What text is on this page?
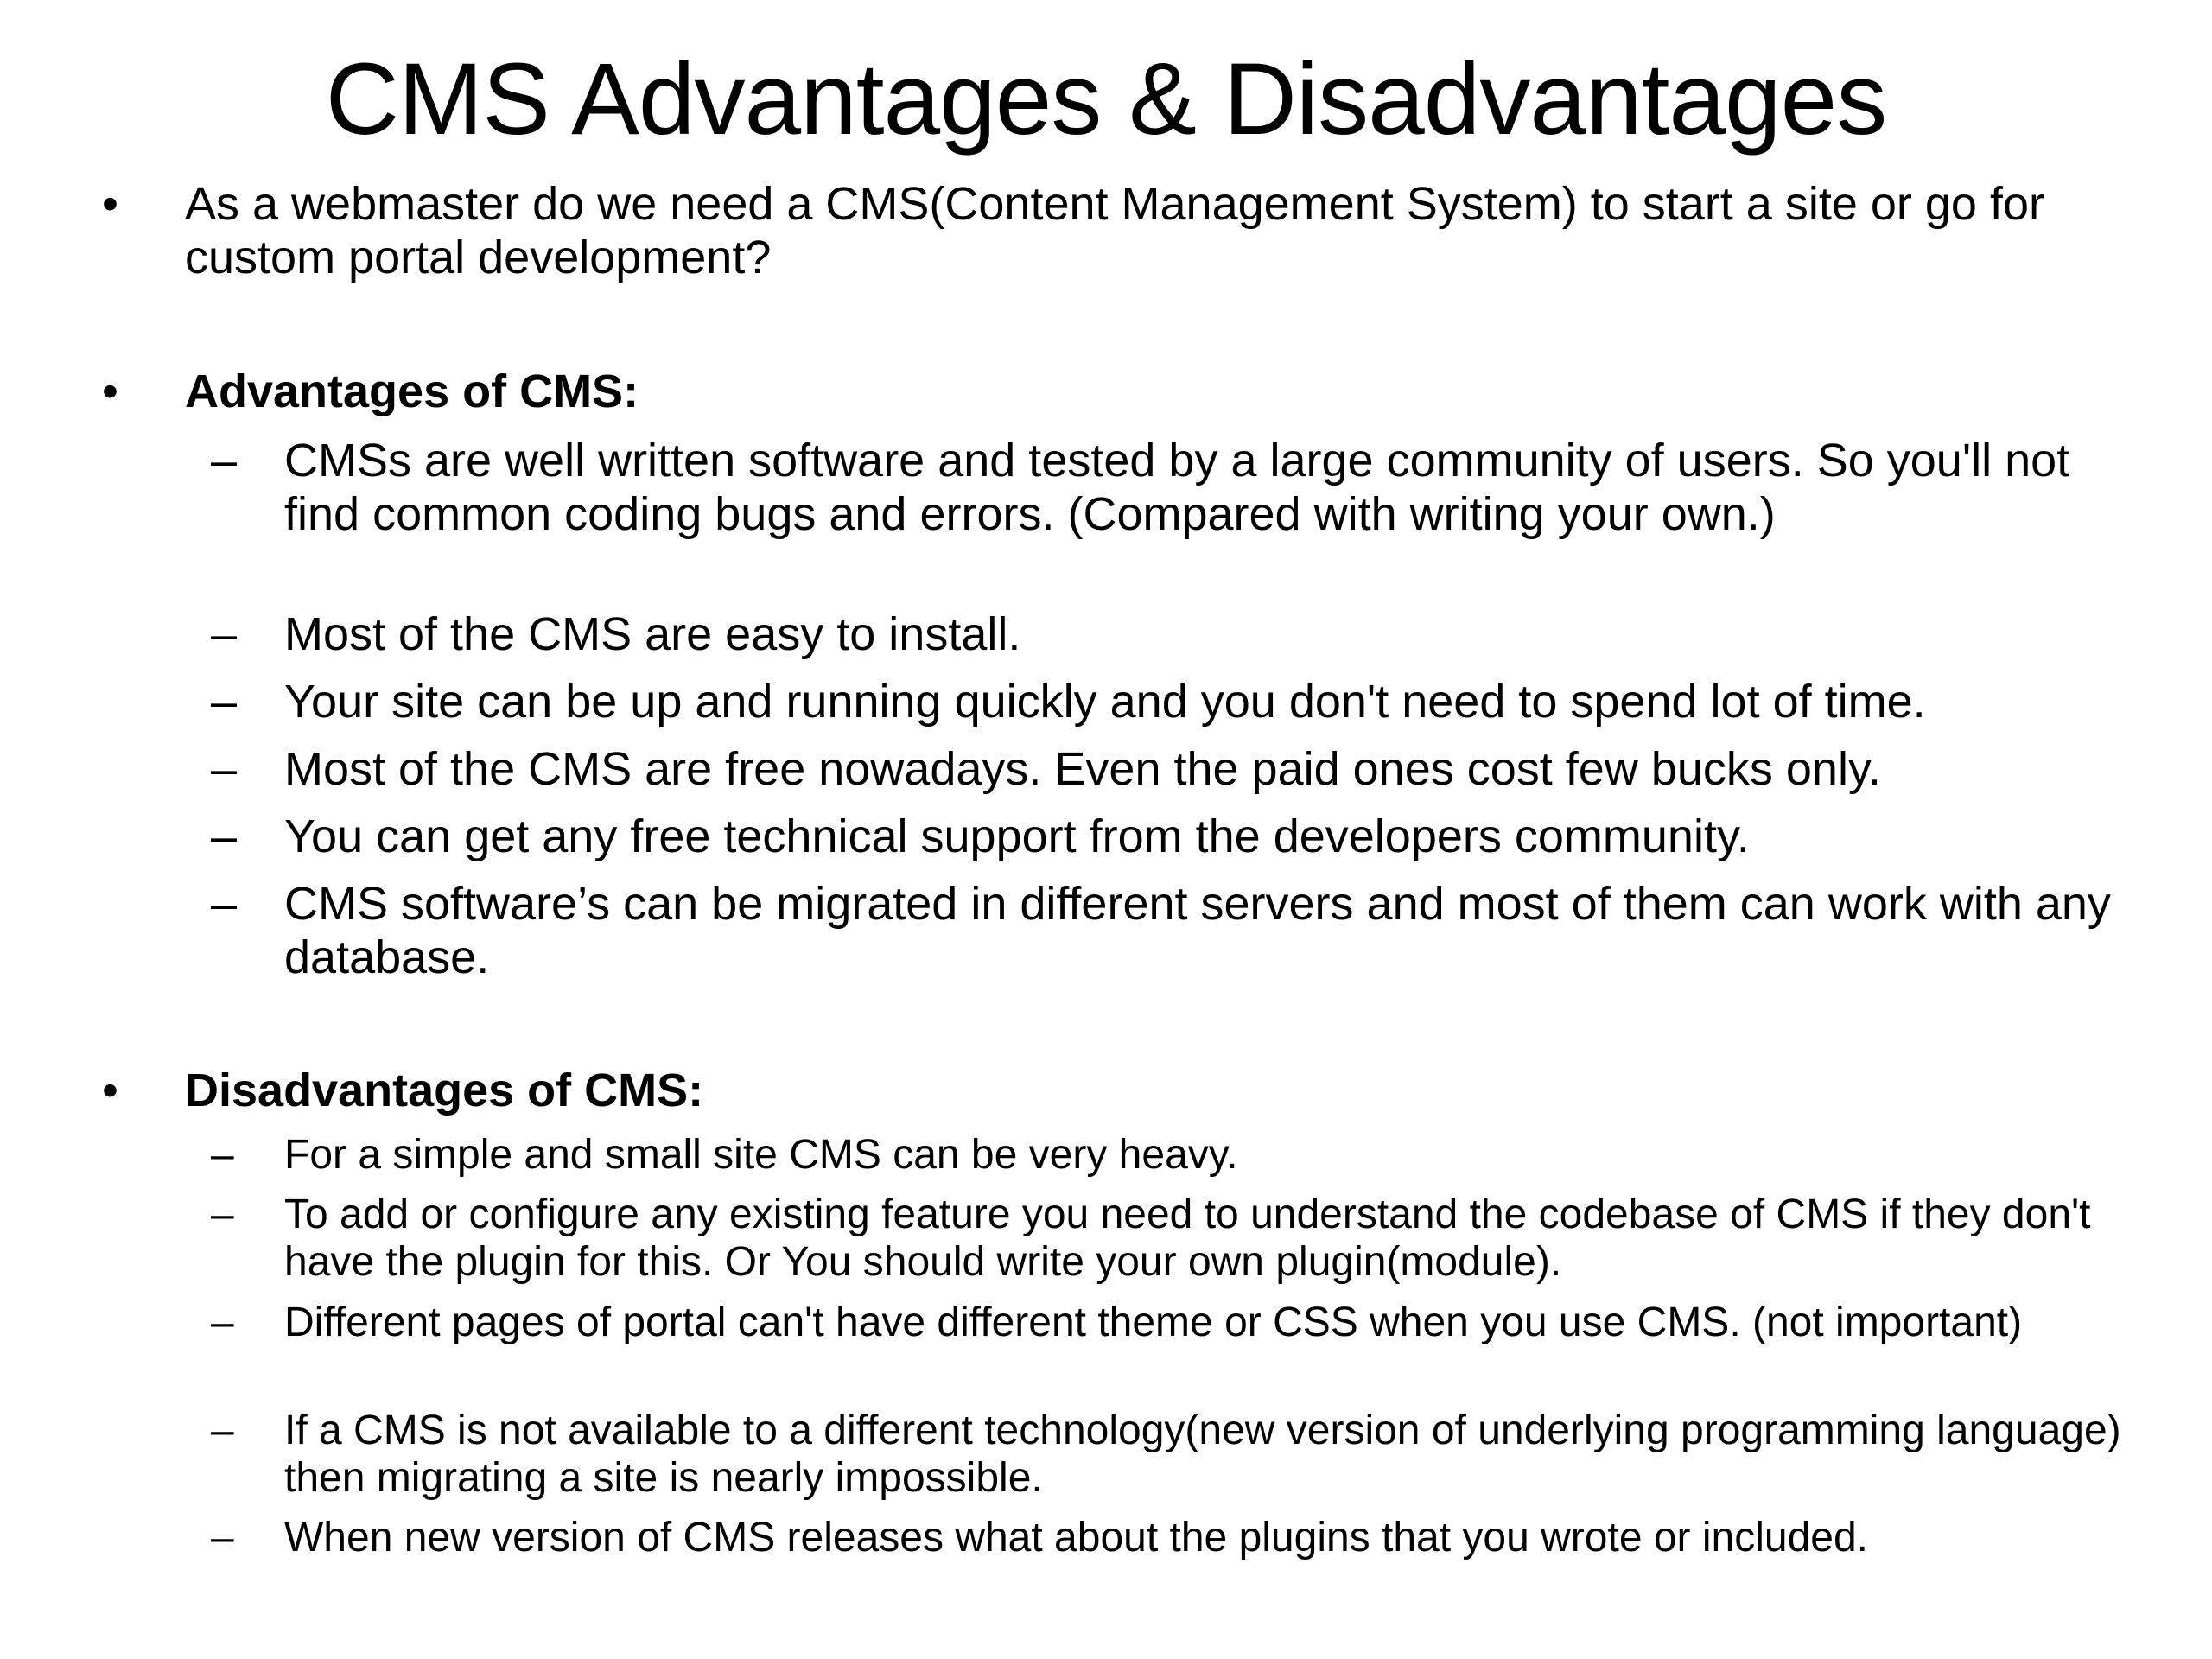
CMS Advantages & Disadvantages
• As a webmaster do we need a CMS(Content Management System) to start a site or go for custom portal development?

• Advantages of CMS:

– CMSs are well written software and tested by a large community of users. So you'll not find common coding bugs and errors. (Compared with writing your own.)

– Most of the CMS are easy to install.

– Your site can be up and running quickly and you don't need to spend lot of time.

– Most of the CMS are free nowadays. Even the paid ones cost few bucks only.

– You can get any free technical support from the developers community.

– CMS software’s can be migrated in different servers and most of them can work with any database.

• Disadvantages of CMS:

– For a simple and small site CMS can be very heavy.

– To add or configure any existing feature you need to understand the codebase of CMS if they don't have the plugin for this. Or You should write your own plugin(module).

– Different pages of portal can't have different theme or CSS when you use CMS. (not important)

– If a CMS is not available to a different technology(new version of underlying programming language) then migrating a site is nearly impossible.

– When new version of CMS releases what about the plugins that you wrote or included.
